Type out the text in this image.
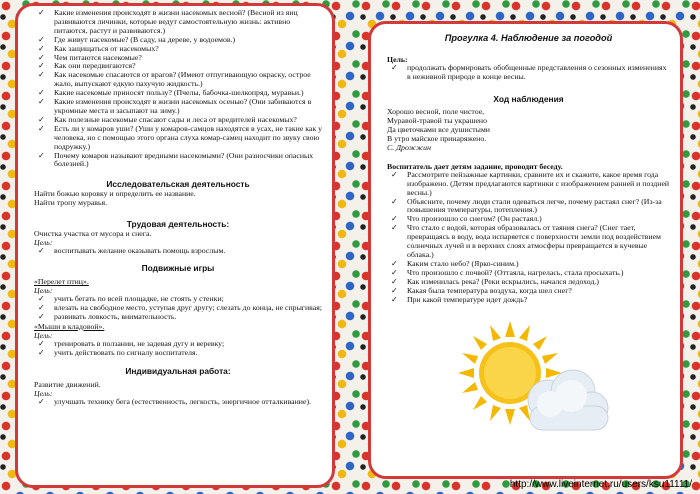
✓ Какие изменения происходят в жизни насекомых весной? (Весной из яиц развиваются личинки, которые ведут самостоятельную жизнь: активно питаются, растут и развиваются.)
✓ Где живут насекомые? (В саду, на дереве, у водоемов.)
✓ Как защищаться от насекомых?
✓ Чем питаются насекомые?
✓ Как они передвигаются?
✓ Как насекомые спасаются от врагов? (Имеют отпугивающую окраску, острое жало, выпускают едкую пахучую жидкость.)
✓ Какие насекомые приносят пользу? (Пчелы, бабочка-шелкопряд, муравьи.)
✓ Какие изменения происходят в жизни насекомых осенью? (Они забиваются в укромные места и засыпают на зиму.)
✓ Как полезные насекомые спасают сады и леса от вредителей насекомых?
✓ Есть ли у комаров уши? (Уши у комаров-самцов находятся в усах, не такие как у человека, но с помощью этого органа слуха комар-самец находит по звуку свою подружку.)
✓ Почему комаров называют вредными насекомыми? (Они разносчики опасных болезней.)

Исследовательская деятельность

Найти божью коровку и определить ее название.

Найти тропу муравья.

Трудовая деятельность:

Очистка участка от мусора и снега.

Цель:

✓ воспитывать желание оказывать помощь взрослым.

Подвижные игры

«Перелет птиц».

Цель:

✓ учить бегать по всей площадке, не стоять у стенки;
✓ влезать на свободное место, уступая друг другу; слезать до конца, не спрыгивая;
✓ развивать ловкость, внимательность.

«Мыши в кладовой».

Цель:

✓ тренировать в ползании, не задевая дугу и веревку;
✓ учить действовать по сигналу воспитателя.

Индивидуальная работа:

Развитие движений.

Цель:

✓ улучшать технику бега (естественность, легкость, энергичное отталкивание).

Прогулка 4. Наблюдение за погодой

Цель:

✓ продолжать формировать обобщенные представления о сезонных изменениях в неживной природе в конце весны.

Ход наблюдения

Хорошо весной, поле чистое,

Муравой-травой ты украшено

Да цветочками все душистыми

В утро майское принаряжено.

С. Дрожжин

Воспитатель дает детям задание, проводит беседу.

✓ Рассмотрите пейзажные картинки, сравните их и скажите, какое время года изображено. (Детям предлагаются картинки с изображением ранней и поздней весны.)
✓ Объясните, почему люди стали одеваться легче, почему растаял снег? (Из-за повышения температуры, потепления.)
✓ Что произошло со снегом? (Он растаял.)
✓ Что стало с водой, которая образовалась от таяния снега? (Снег тает, превращаясь в воду, вода испаряется с поверхности земли под воздействием солнечных лучей и в верхних слоях атмосферы превращается в кучевые облака.)
✓ Каким стало небо? (Ярко-синим.)
✓ Что произошло с почвой? (Оттаяла, нагрелась, стала просыхать.)
✓ Как изменилась река? (Реки вскрылись, начался ледоход.)
✓ Какая была температура воздуха, когда шел снег?
✓ При какой температуре идет дождь?
http://www.liveinternet.ru/users/ksu11111/
